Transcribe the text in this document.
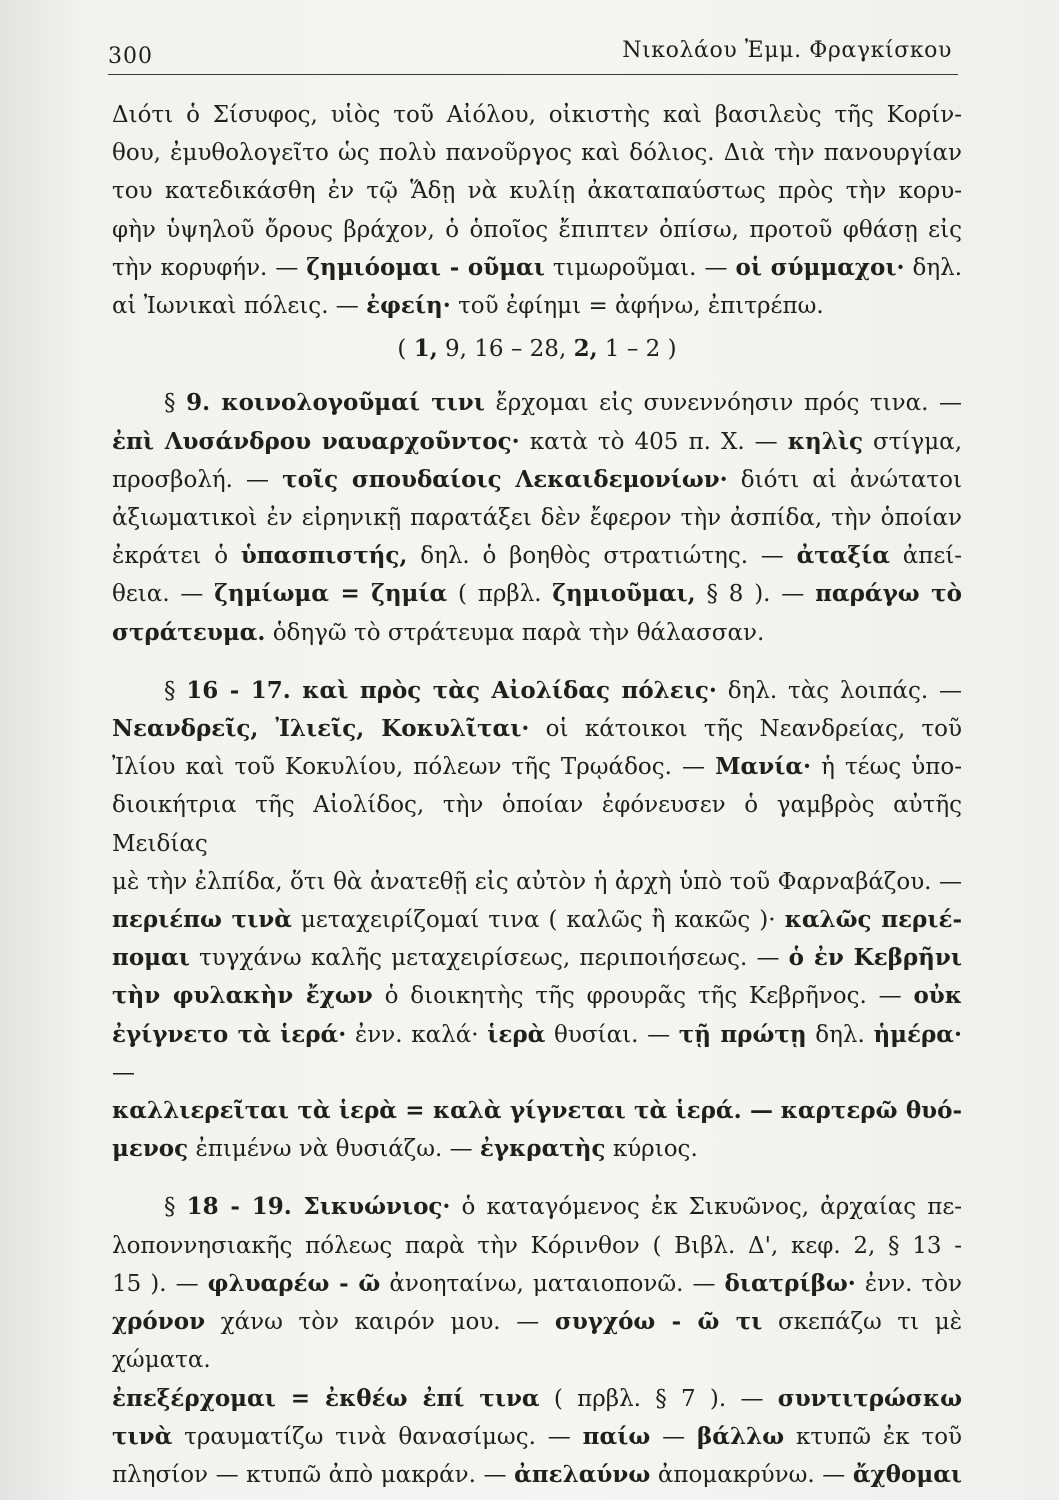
300	Νικολάου Ἐμμ. Φραγκίσκου
Διότι ὁ Σίσυφος, υἱὸς τοῦ Αἰόλου, οἰκιστὴς καὶ βασιλεὺς τῆς Κορίν-
θου, ἐμυθολογεῖτο ὡς πολὺ πανοῦργος καὶ δόλιος. Διὰ τὴν πανουργίαν
του κατεδικάσθη ἐν τῷ Ἅδῃ νὰ κυλίῃ ἀκαταπαύστως πρὸς τὴν κορυ-
φὴν ὑψηλοῦ ὄρους βράχον, ὁ ὁποῖος ἔπιπτεν ὀπίσω, προτοῦ φθάσῃ εἰς
τὴν κορυφήν. — ζημιόομαι - οῦμαι τιμωροῦμαι. — οἱ σύμμαχοι· δηλ.
αἱ Ἰωνικαὶ πόλεις. — ἐφείη· τοῦ ἐφίημι = ἀφήνω, ἐπιτρέπω.
( 1, 9, 16 – 28, 2, 1 – 2 )
§ 9. κοινολογοῦμαί τινι ἔρχομαι εἰς συνεννόησιν πρός τινα. —
ἐπὶ Λυσάνδρου ναυαρχοῦντος· κατὰ τὸ 405 π. Χ. — κηλὶς στίγμα,
προσβολή. — τοῖς σπουδαίοις Λεκαιδεμονίων· διότι αἱ ἀνώτατοι
ἀξιωματικοὶ ἐν εἰρηνικῇ παρατάξει δὲν ἔφερον τὴν ἀσπίδα, τὴν ὁποίαν
ἐκράτει ὁ ὑπασπιστής, δηλ. ὁ βοηθὸς στρατιώτης. — ἀταξία ἀπεί-
θεια. — ζημίωμα = ζημία ( πρβλ. ζημιοῦμαι, § 8 ). — παράγω τὸ
στράτευμα. ὁδηγῶ τὸ στράτευμα παρὰ τὴν θάλασσαν.
§ 16 - 17. καὶ πρὸς τὰς Αἰολίδας πόλεις· δηλ. τὰς λοιπάς. —
Νεανδρεῖς, Ἰλιεῖς, Κοκυλῖται· οἱ κάτοικοι τῆς Νεανδρείας, τοῦ
Ἰλίου καὶ τοῦ Κοκυλίου, πόλεων τῆς Τρῳάδος. — Μανία· ἡ τέως ὑπο-
διοικήτρια τῆς Αἰολίδος, τὴν ὁποίαν ἐφόνευσεν ὁ γαμβρὸς αὐτῆς Μειδίας
μὲ τὴν ἐλπίδα, ὅτι θὰ ἀνατεθῇ εἰς αὐτὸν ἡ ἀρχὴ ὑπὸ τοῦ Φαρναβάζου. —
περιέπω τινὰ μεταχειρίζομαί τινα ( καλῶς ἢ κακῶς )· καλῶς περιέ-
πομαι τυγχάνω καλῆς μεταχειρίσεως, περιποιήσεως. — ὁ ἐν Κεβρῆνι
τὴν φυλακὴν ἔχων ὁ διοικητὴς τῆς φρουρᾶς τῆς Κεβρῆνος. — οὐκ
ἐγίγνετο τὰ ἱερά· ἐνν. καλά· ἱερὰ θυσίαι. — τῇ πρώτῃ δηλ. ἡμέρα· —
καλλιερεῖται τὰ ἱερὰ = καλὰ γίγνεται τὰ ἱερά. — καρτερῶ θυό-
μενος ἐπιμένω νὰ θυσιάζω. — ἐγκρατὴς κύριος.
§ 18 - 19. Σικυώνιος· ὁ καταγόμενος ἐκ Σικυῶνος, ἀρχαίας πε-
λοποννησιακῆς πόλεως παρὰ τὴν Κόρινθον ( Βιβλ. Δ', κεφ. 2, § 13 -
15 ). — φλυαρέω - ῶ ἀνοηταίνω, ματαιοπονῶ. — διατρίβω· ἐνν. τὸν
χρόνον χάνω τὸν καιρόν μου. — συγχόω - ῶ τι σκεπάζω τι μὲ χώματα.
ἐπεξέρχομαι = ἐκθέω ἐπί τινα ( πρβλ. § 7 ). — συντιτρώσκω
τινὰ τραυματίζω τινὰ θανασίμως. — παίω — βάλλω κτυπῶ ἐκ τοῦ
πλησίον — κτυπῶ ἀπὸ μακράν. — ἀπελαύνω ἀπομακρύνω. — ἄχθομαι
